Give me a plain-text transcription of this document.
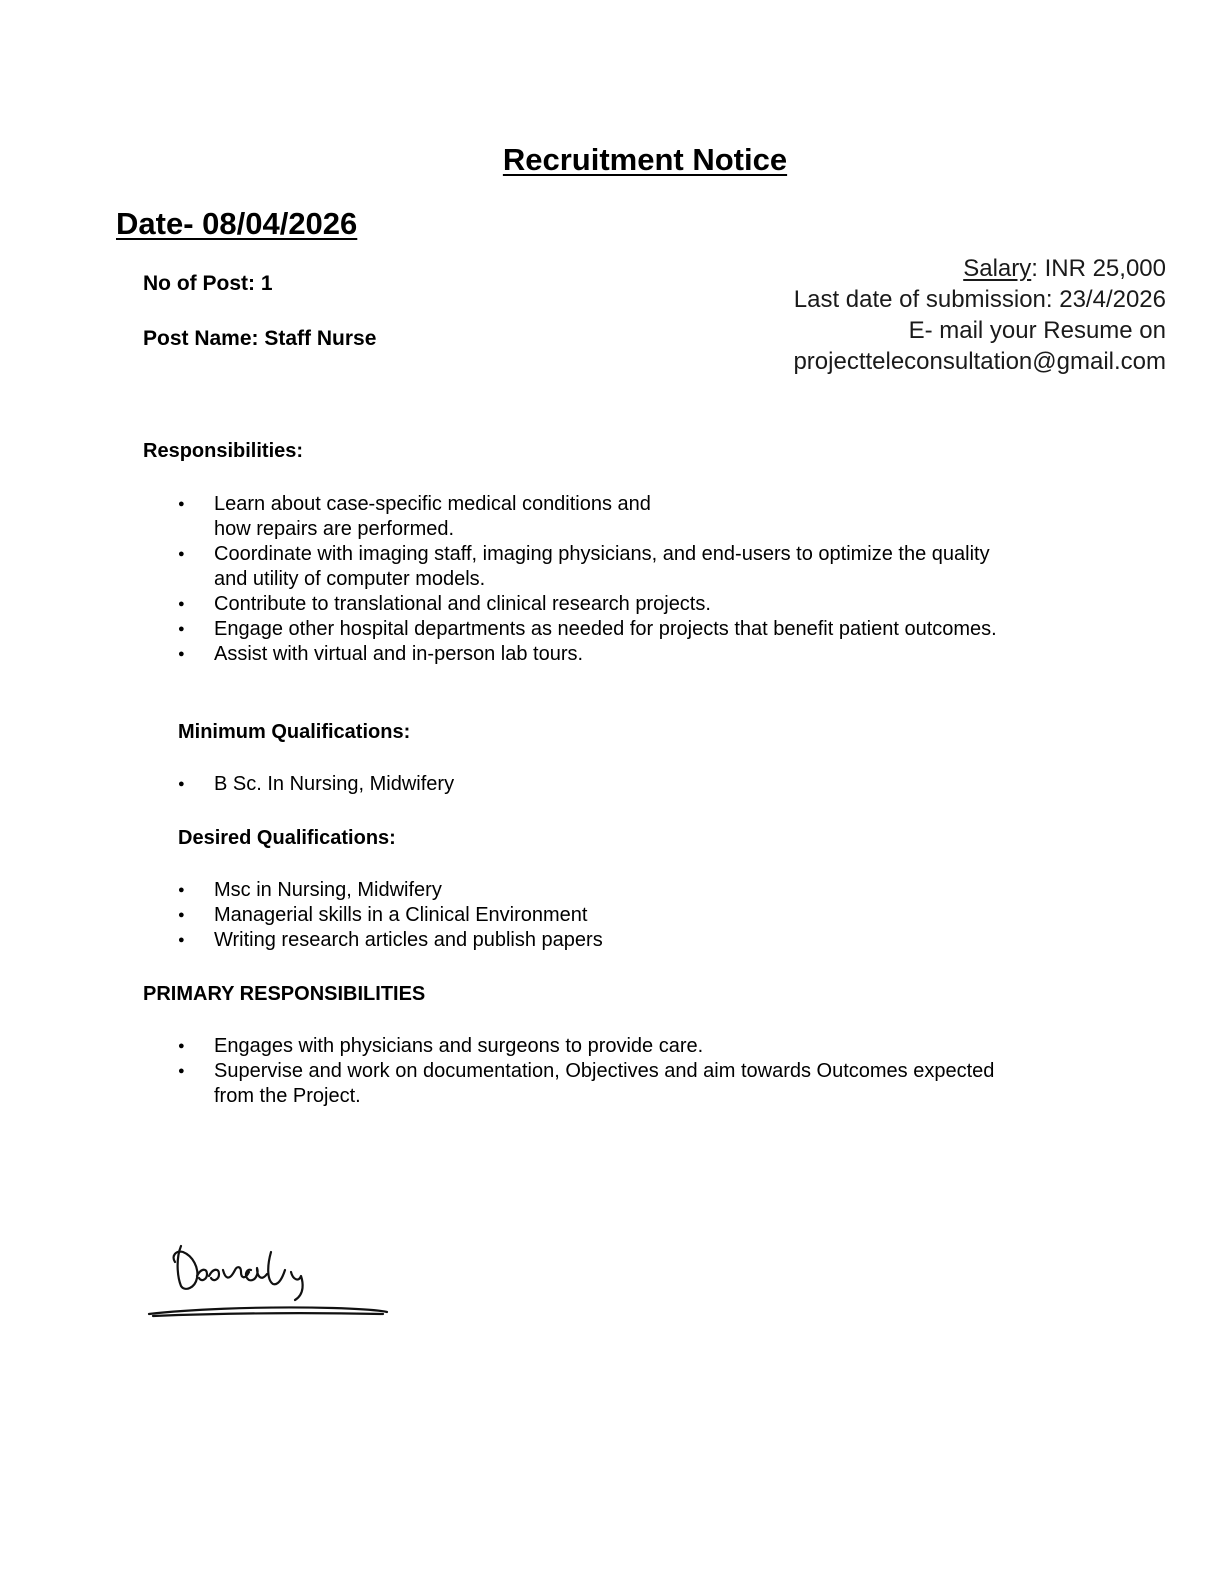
Recruitment Notice
Date- 08/04/2026
No of Post: 1
Post Name: Staff Nurse
Salary: INR 25,000
Last date of submission: 23/4/2026
E- mail your Resume on
projectteleconsultation@gmail.com
Responsibilities:
● Learn about case-specific medical conditions and
how repairs are performed.
● Coordinate with imaging staff, imaging physicians, and end-users to optimize the quality
and utility of computer models.
● Contribute to translational and clinical research projects.
● Engage other hospital departments as needed for projects that benefit patient outcomes.
● Assist with virtual and in-person lab tours.
Minimum Qualifications:
● B Sc. In Nursing, Midwifery
Desired Qualifications:
● Msc in Nursing, Midwifery
● Managerial skills in a Clinical Environment
● Writing research articles and publish papers
PRIMARY RESPONSIBILITIES
● Engages with physicians and surgeons to provide care.
● Supervise and work on documentation, Objectives and aim towards Outcomes expected
from the Project.
